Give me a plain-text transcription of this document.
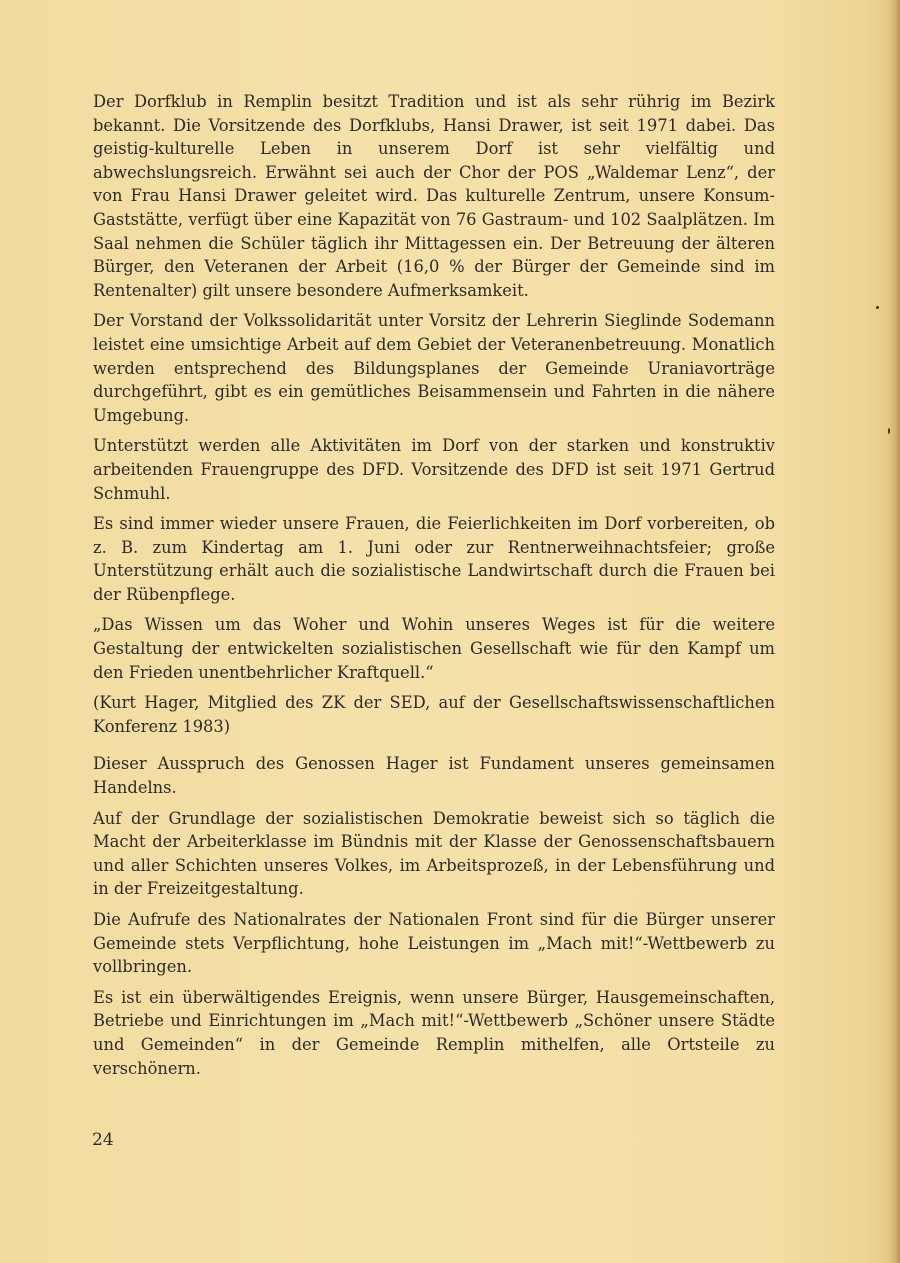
Der Dorfklub in Remplin besitzt Tradition und ist als sehr rührig im Bezirk bekannt. Die Vorsitzende des Dorfklubs, Hansi Drawer, ist seit 1971 dabei. Das geistig-kulturelle Leben in unserem Dorf ist sehr vielfältig und abwechslungsreich. Erwähnt sei auch der Chor der POS „Waldemar Lenz“, der von Frau Hansi Drawer geleitet wird. Das kulturelle Zentrum, unsere Konsum-Gaststätte, verfügt über eine Kapazität von 76 Gastraum- und 102 Saalplätzen. Im Saal nehmen die Schüler täglich ihr Mittagessen ein. Der Betreuung der älteren Bürger, den Veteranen der Arbeit (16,0 % der Bürger der Gemeinde sind im Rentenalter) gilt unsere besondere Aufmerksamkeit.

Der Vorstand der Volkssolidarität unter Vorsitz der Lehrerin Sieglinde Sodemann leistet eine umsichtige Arbeit auf dem Gebiet der Veteranenbetreuung. Monatlich werden entsprechend des Bildungsplanes der Gemeinde Uraniavorträge durchgeführt, gibt es ein gemütliches Beisammensein und Fahrten in die nähere Umgebung.

Unterstützt werden alle Aktivitäten im Dorf von der starken und konstruktiv arbeitenden Frauengruppe des DFD. Vorsitzende des DFD ist seit 1971 Gertrud Schmuhl.

Es sind immer wieder unsere Frauen, die Feierlichkeiten im Dorf vorbereiten, ob z. B. zum Kindertag am 1. Juni oder zur Rentnerweihnachtsfeier; große Unterstützung erhält auch die sozialistische Landwirtschaft durch die Frauen bei der Rübenpflege.

„Das Wissen um das Woher und Wohin unseres Weges ist für die weitere Gestaltung der entwickelten sozialistischen Gesellschaft wie für den Kampf um den Frieden unentbehrlicher Kraftquell.“

(Kurt Hager, Mitglied des ZK der SED, auf der Gesellschaftswissenschaftlichen Konferenz 1983)

Dieser Ausspruch des Genossen Hager ist Fundament unseres gemeinsamen Handelns.

Auf der Grundlage der sozialistischen Demokratie beweist sich so täglich die Macht der Arbeiterklasse im Bündnis mit der Klasse der Genossenschaftsbauern und aller Schichten unseres Volkes, im Arbeitsprozeß, in der Lebensführung und in der Freizeitgestaltung.

Die Aufrufe des Nationalrates der Nationalen Front sind für die Bürger unserer Gemeinde stets Verpflichtung, hohe Leistungen im „Mach mit!“-Wettbewerb zu vollbringen.

Es ist ein überwältigendes Ereignis, wenn unsere Bürger, Hausgemeinschaften, Betriebe und Einrichtungen im „Mach mit!“-Wettbewerb „Schöner unsere Städte und Gemeinden“ in der Gemeinde Remplin mithelfen, alle Ortsteile zu verschönern.

24
